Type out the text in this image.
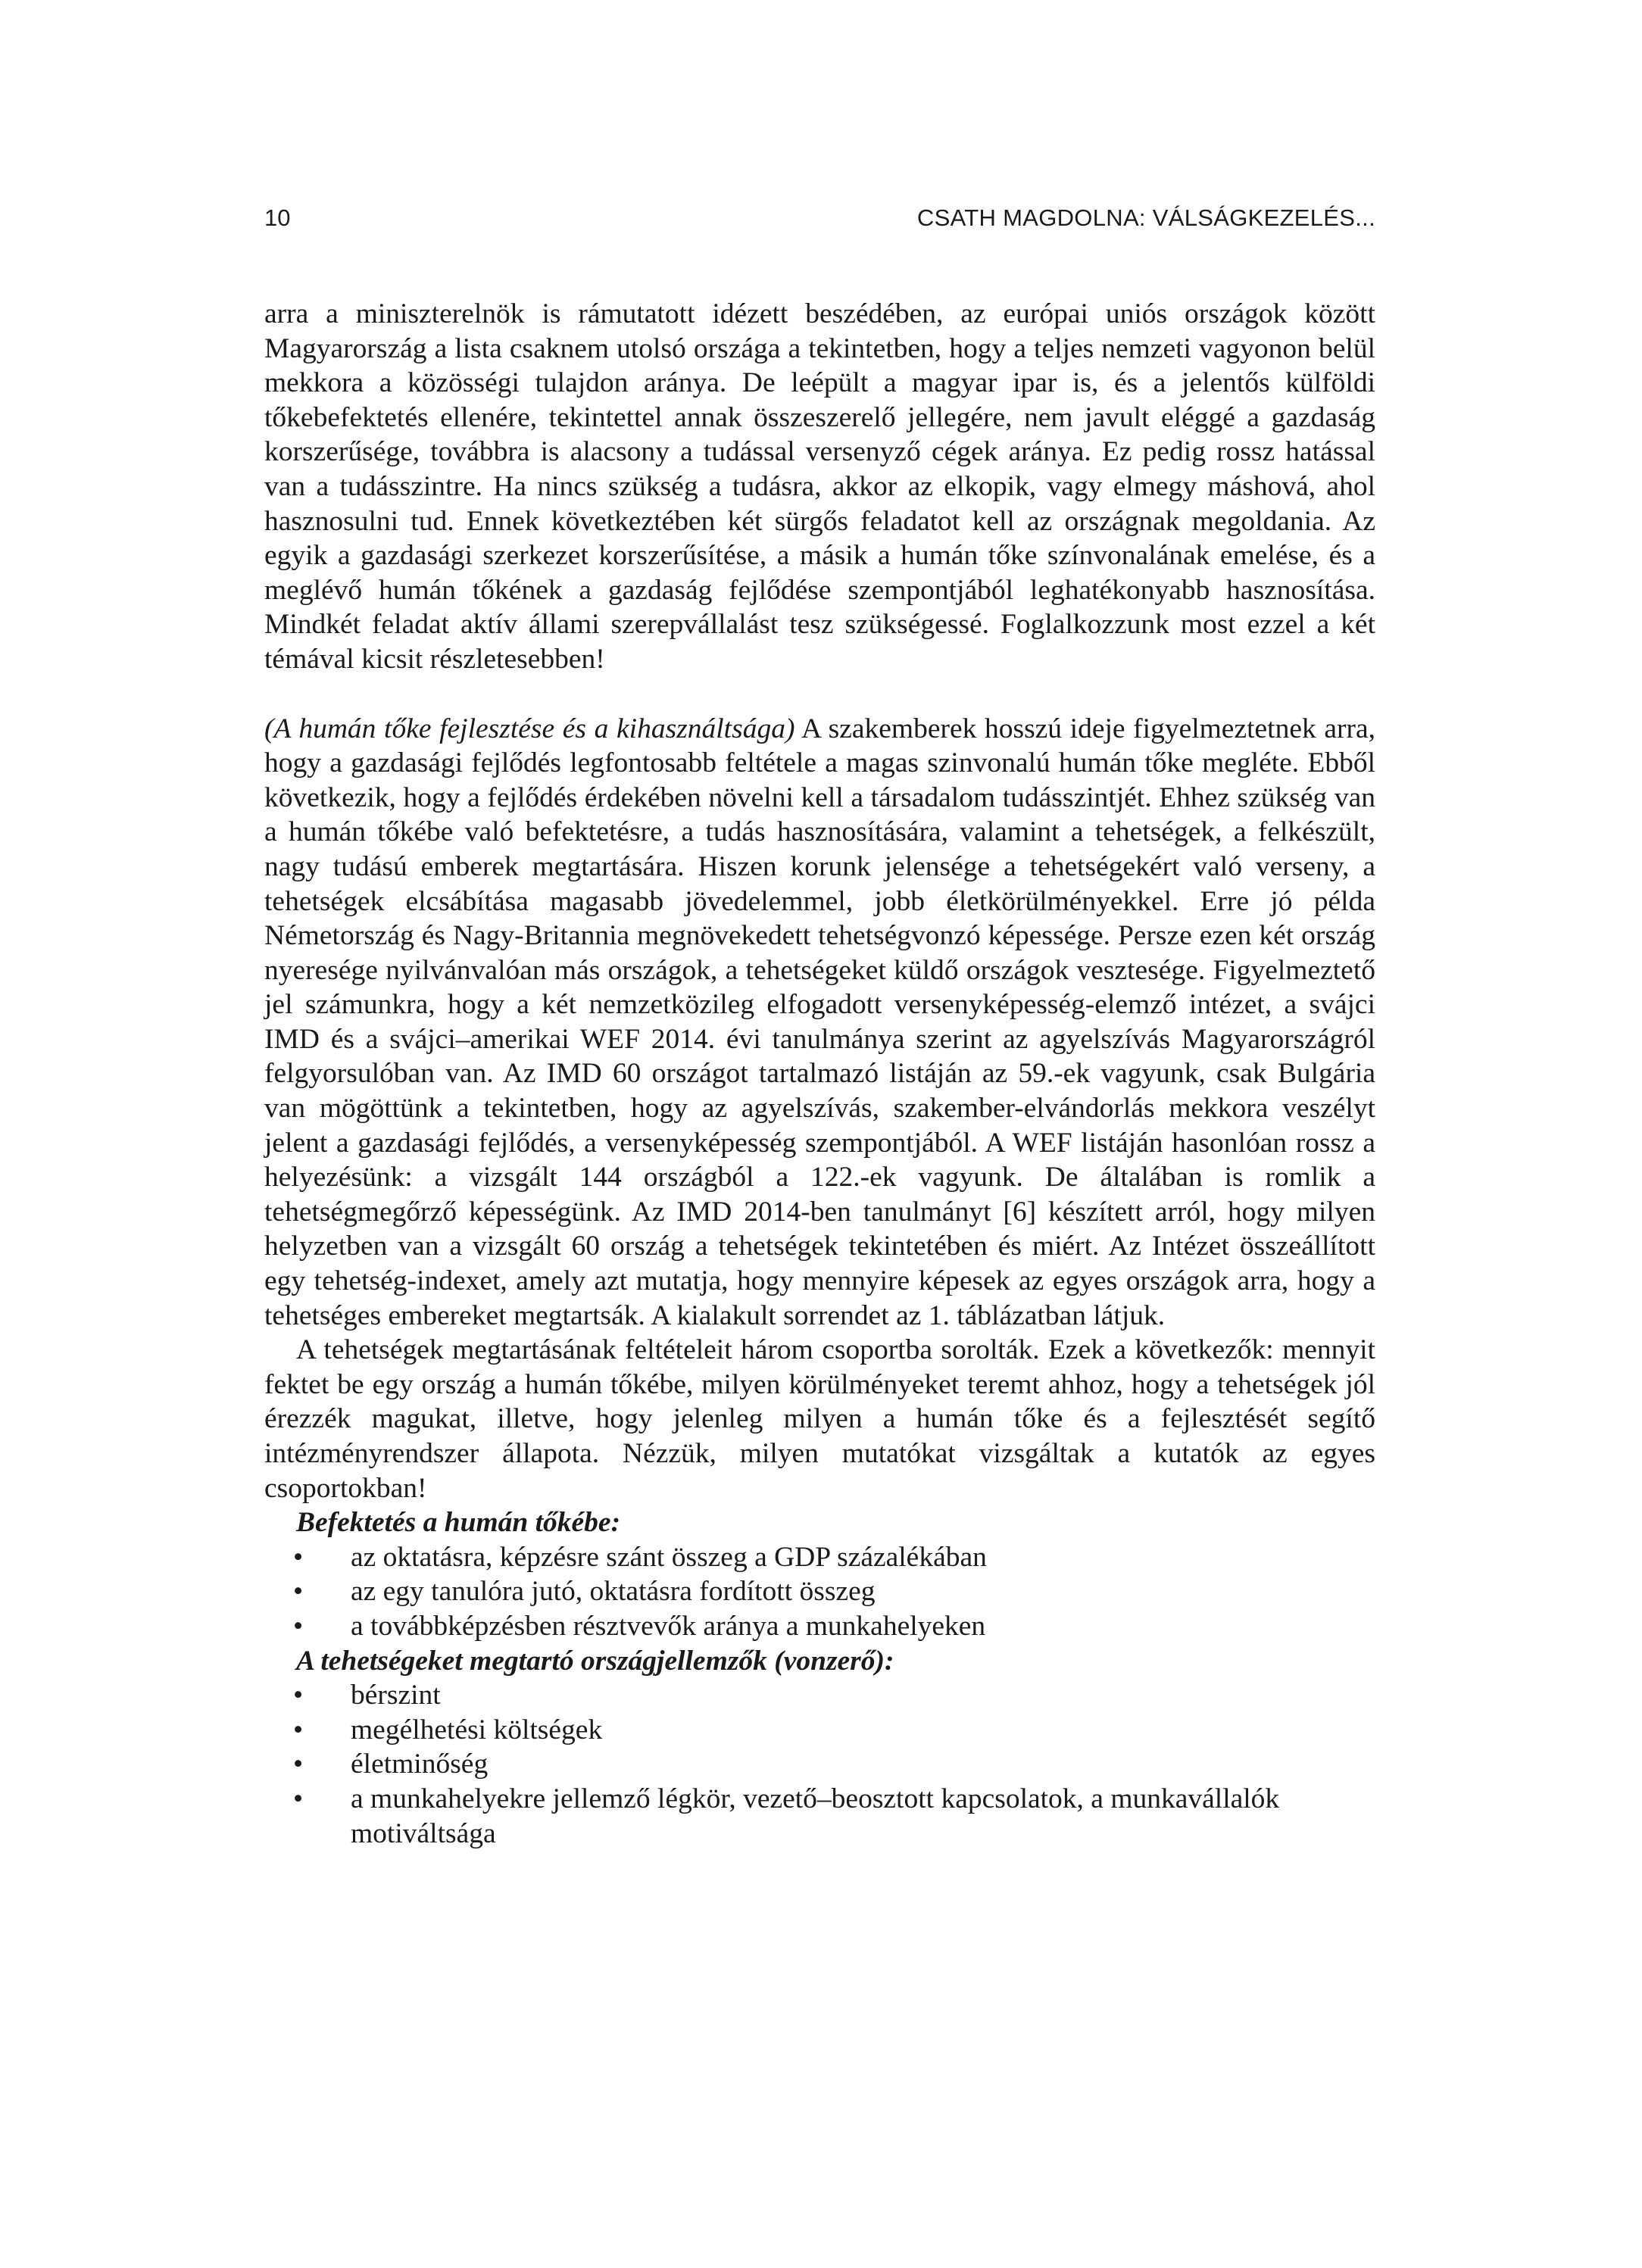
10	CSATH MAGDOLNA: VÁLSÁGKEZELÉS...

arra a miniszterelnök is rámutatott idézett beszédében, az európai uniós országok között Magyarország a lista csaknem utolsó országa a tekintetben, hogy a teljes nemzeti vagyonon belül mekkora a közösségi tulajdon aránya. De leépült a magyar ipar is, és a jelentős külföldi tőkebefektetés ellenére, tekintettel annak összeszerelő jellegére, nem javult eléggé a gazdaság korszerűsége, továbbra is alacsony a tudással versenyző cégek aránya. Ez pedig rossz hatással van a tudásszintre. Ha nincs szükség a tudásra, akkor az elkopik, vagy elmegy máshová, ahol hasznosulni tud. Ennek következtében két sürgős feladatot kell az országnak megoldania. Az egyik a gazdasági szerkezet korszerűsítése, a másik a humán tőke színvonalának emelése, és a meglévő humán tőkének a gazdaság fejlődése szempontjából leghatékonyabb hasznosítása. Mindkét feladat aktív állami szerepvállalást tesz szükségessé. Foglalkozzunk most ezzel a két témával kicsit részletesebben!

(A humán tőke fejlesztése és a kihasználtsága) A szakemberek hosszú ideje figyelmeztetnek arra, hogy a gazdasági fejlődés legfontosabb feltétele a magas szinvonalú humán tőke megléte. Ebből következik, hogy a fejlődés érdekében növelni kell a társadalom tudásszintjét. Ehhez szükség van a humán tőkébe való befektetésre, a tudás hasznosítására, valamint a tehetségek, a felkészült, nagy tudású emberek megtartására. Hiszen korunk jelensége a tehetségekért való verseny, a tehetségek elcsábítása magasabb jövedelemmel, jobb életkörülményekkel. Erre jó példa Németország és Nagy-Britannia megnövekedett tehetségvonzó képessége. Persze ezen két ország nyeresége nyilvánvalóan más országok, a tehetségeket küldő országok vesztesége. Figyelmeztető jel számunkra, hogy a két nemzetközileg elfogadott versenyképesség-elemző intézet, a svájci IMD és a svájci–amerikai WEF 2014. évi tanulmánya szerint az agyelszívás Magyarországról felgyorsulóban van. Az IMD 60 országot tartalmazó listáján az 59.-ek vagyunk, csak Bulgária van mögöttünk a tekintetben, hogy az agyelszívás, szakember-elvándorlás mekkora veszélyt jelent a gazdasági fejlődés, a versenyképesség szempontjából. A WEF listáján hasonlóan rossz a helyezésünk: a vizsgált 144 országból a 122.-ek vagyunk. De általában is romlik a tehetségmegőrző képességünk. Az IMD 2014-ben tanulmányt [6] készített arról, hogy milyen helyzetben van a vizsgált 60 ország a tehetségek tekintetében és miért. Az Intézet összeállított egy tehetség-indexet, amely azt mutatja, hogy mennyire képesek az egyes országok arra, hogy a tehetséges embereket megtartsák. A kialakult sorrendet az 1. táblázatban látjuk.

A tehetségek megtartásának feltételeit három csoportba sorolták. Ezek a következők: mennyit fektet be egy ország a humán tőkébe, milyen körülményeket teremt ahhoz, hogy a tehetségek jól érezzék magukat, illetve, hogy jelenleg milyen a humán tőke és a fejlesztését segítő intézményrendszer állapota. Nézzük, milyen mutatókat vizsgáltak a kutatók az egyes csoportokban!

Befektetés a humán tőkébe:

• az oktatásra, képzésre szánt összeg a GDP százalékában
• az egy tanulóra jutó, oktatásra fordított összeg
• a továbbképzésben résztvevők aránya a munkahelyeken

A tehetségeket megtartó országjellemzők (vonzerő):

• bérszint
• megélhetési költségek
• életminőség
• a munkahelyekre jellemző légkör, vezető–beosztott kapcsolatok, a munkavállalók motiváltsága
